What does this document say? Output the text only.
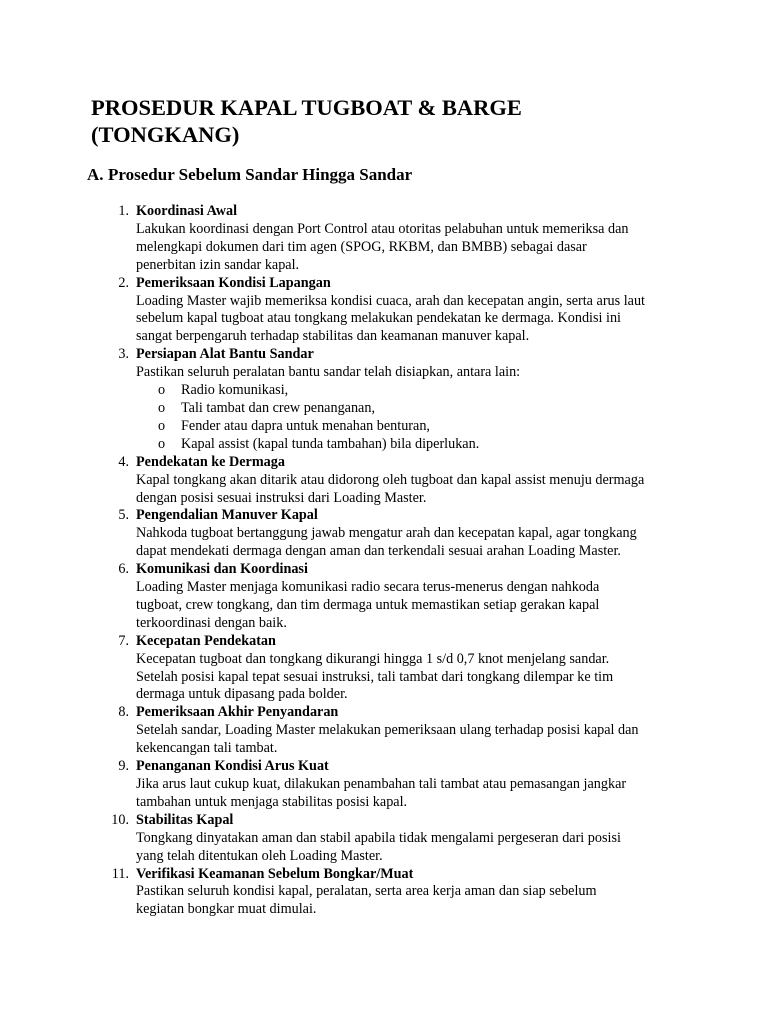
PROSEDUR KAPAL TUGBOAT & BARGE
(TONGKANG)
A. Prosedur Sebelum Sandar Hingga Sandar
1. Koordinasi Awal
Lakukan koordinasi dengan Port Control atau otoritas pelabuhan untuk memeriksa dan
melengkapi dokumen dari tim agen (SPOG, RKBM, dan BMBB) sebagai dasar
penerbitan izin sandar kapal.
2. Pemeriksaan Kondisi Lapangan
Loading Master wajib memeriksa kondisi cuaca, arah dan kecepatan angin, serta arus laut
sebelum kapal tugboat atau tongkang melakukan pendekatan ke dermaga. Kondisi ini
sangat berpengaruh terhadap stabilitas dan keamanan manuver kapal.
3. Persiapan Alat Bantu Sandar
Pastikan seluruh peralatan bantu sandar telah disiapkan, antara lain:
o Radio komunikasi,
o Tali tambat dan crew penanganan,
o Fender atau dapra untuk menahan benturan,
o Kapal assist (kapal tunda tambahan) bila diperlukan.
4. Pendekatan ke Dermaga
Kapal tongkang akan ditarik atau didorong oleh tugboat dan kapal assist menuju dermaga
dengan posisi sesuai instruksi dari Loading Master.
5. Pengendalian Manuver Kapal
Nahkoda tugboat bertanggung jawab mengatur arah dan kecepatan kapal, agar tongkang
dapat mendekati dermaga dengan aman dan terkendali sesuai arahan Loading Master.
6. Komunikasi dan Koordinasi
Loading Master menjaga komunikasi radio secara terus-menerus dengan nahkoda
tugboat, crew tongkang, dan tim dermaga untuk memastikan setiap gerakan kapal
terkoordinasi dengan baik.
7. Kecepatan Pendekatan
Kecepatan tugboat dan tongkang dikurangi hingga 1 s/d 0,7 knot menjelang sandar.
Setelah posisi kapal tepat sesuai instruksi, tali tambat dari tongkang dilempar ke tim
dermaga untuk dipasang pada bolder.
8. Pemeriksaan Akhir Penyandaran
Setelah sandar, Loading Master melakukan pemeriksaan ulang terhadap posisi kapal dan
kekencangan tali tambat.
9. Penanganan Kondisi Arus Kuat
Jika arus laut cukup kuat, dilakukan penambahan tali tambat atau pemasangan jangkar
tambahan untuk menjaga stabilitas posisi kapal.
10. Stabilitas Kapal
Tongkang dinyatakan aman dan stabil apabila tidak mengalami pergeseran dari posisi
yang telah ditentukan oleh Loading Master.
11. Verifikasi Keamanan Sebelum Bongkar/Muat
Pastikan seluruh kondisi kapal, peralatan, serta area kerja aman dan siap sebelum
kegiatan bongkar muat dimulai.
